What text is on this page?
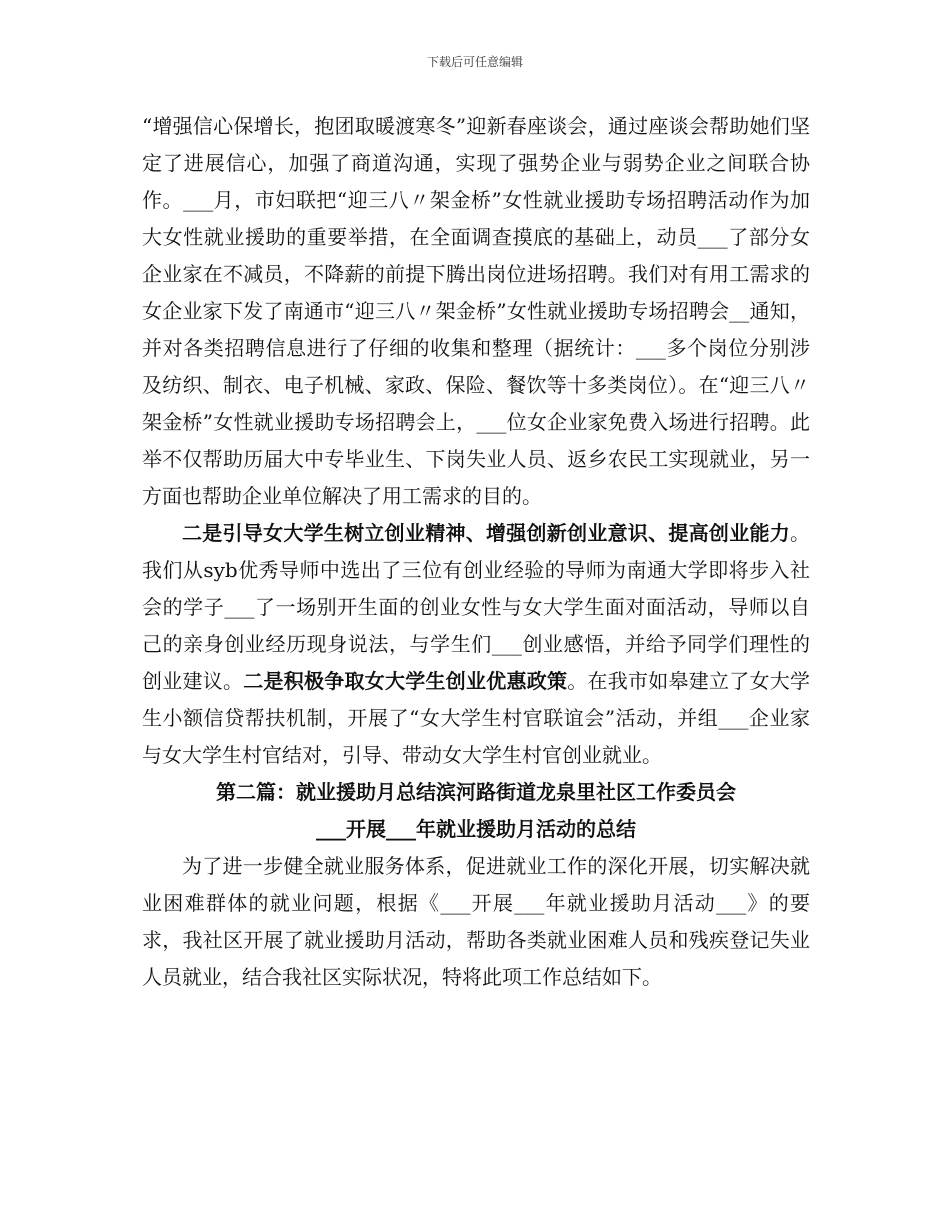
下载后可任意编辑

“增强信心保增长，抱团取暖渡寒冬”迎新春座谈会，通过座谈会帮助她们坚定了进展信心，加强了商道沟通，实现了强势企业与弱势企业之间联合协作。___月，市妇联把“迎三八〃架金桥”女性就业援助专场招聘活动作为加大女性就业援助的重要举措，在全面调查摸底的基础上，动员___了部分女企业家在不减员，不降薪的前提下腾出岗位进场招聘。我们对有用工需求的女企业家下发了南通市“迎三八〃架金桥”女性就业援助专场招聘会__通知，并对各类招聘信息进行了仔细的收集和整理（据统计：___多个岗位分别涉及纺织、制衣、电子机械、家政、保险、餐饮等十多类岗位）。在“迎三八〃架金桥”女性就业援助专场招聘会上，___位女企业家免费入场进行招聘。此举不仅帮助历届大中专毕业生、下岗失业人员、返乡农民工实现就业，另一方面也帮助企业单位解决了用工需求的目的。

二是引导女大学生树立创业精神、增强创新创业意识、提高创业能力。我们从syb优秀导师中选出了三位有创业经验的导师为南通大学即将步入社会的学子___了一场别开生面的创业女性与女大学生面对面活动，导师以自己的亲身创业经历现身说法，与学生们___创业感悟，并给予同学们理性的创业建议。二是积极争取女大学生创业优惠政策。在我市如皋建立了女大学生小额信贷帮扶机制，开展了“女大学生村官联谊会”活动，并组___企业家与女大学生村官结对，引导、带动女大学生村官创业就业。

第二篇：就业援助月总结滨河路街道龙泉里社区工作委员会

___开展___年就业援助月活动的总结

为了进一步健全就业服务体系，促进就业工作的深化开展，切实解决就业困难群体的就业问题，根据《___开展___年就业援助月活动___》的要求，我社区开展了就业援助月活动，帮助各类就业困难人员和残疾登记失业人员就业，结合我社区实际状况，特将此项工作总结如下。
